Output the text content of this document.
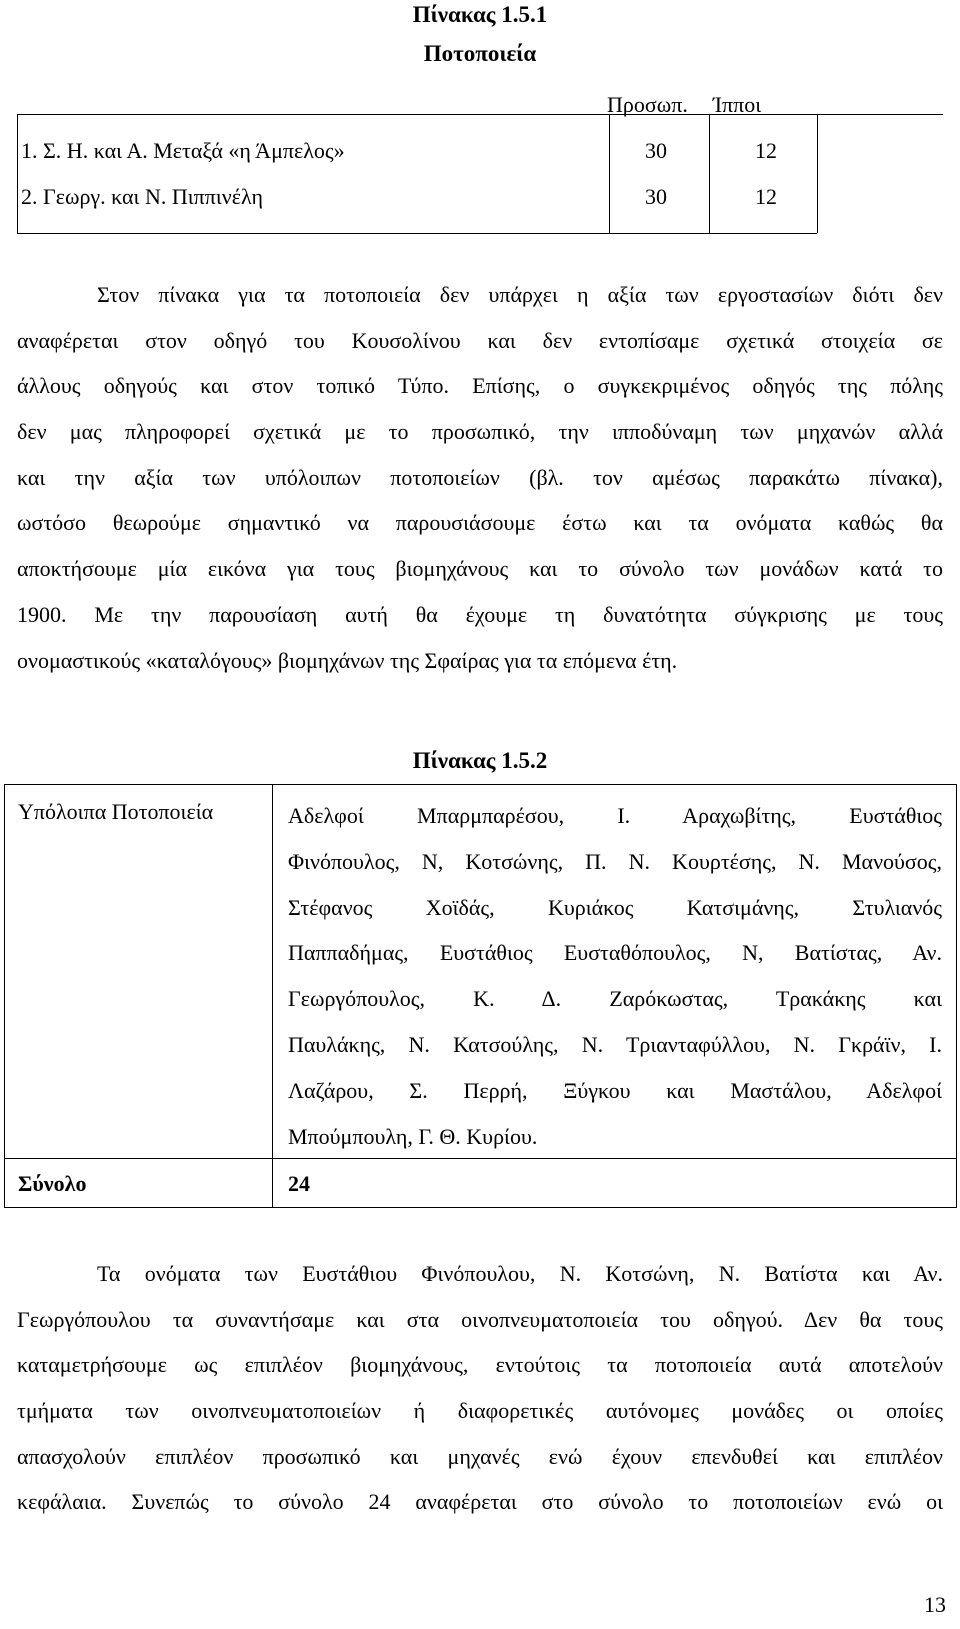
Πίνακας 1.5.1
Ποτοποιεία
Προσωπ. Ίπποι
1. Σ. Η. και Α. Μεταξά «η Άμπελος»	30	12
2. Γεωργ. και Ν. Πιππινέλη	30	12
Στον πίνακα για τα ποτοποιεία δεν υπάρχει η αξία των εργοστασίων διότι δεν
αναφέρεται στον οδηγό του Κουσολίνου και δεν εντοπίσαμε σχετικά στοιχεία σε
άλλους οδηγούς και στον τοπικό Τύπο. Επίσης, ο συγκεκριμένος οδηγός της πόλης
δεν μας πληροφορεί σχετικά με το προσωπικό, την ιπποδύναμη των μηχανών αλλά
και την αξία των υπόλοιπων ποτοποιείων (βλ. τον αμέσως παρακάτω πίνακα),
ωστόσο θεωρούμε σημαντικό να παρουσιάσουμε έστω και τα ονόματα καθώς θα
αποκτήσουμε μία εικόνα για τους βιομηχάνους και το σύνολο των μονάδων κατά το
1900. Με την παρουσίαση αυτή θα έχουμε τη δυνατότητα σύγκρισης με τους
ονομαστικούς «καταλόγους» βιομηχάνων της Σφαίρας για τα επόμενα έτη.
Πίνακας 1.5.2
Υπόλοιπα Ποτοποιεία	Αδελφοί Μπαρμπαρέσου, Ι. Αραχωβίτης, Ευστάθιος
Φινόπουλος, Ν, Κοτσώνης, Π. Ν. Κουρτέσης, Ν. Μανούσος,
Στέφανος Χοϊδάς, Κυριάκος Κατσιμάνης, Στυλιανός
Παππαδήμας, Ευστάθιος Ευσταθόπουλος, Ν, Βατίστας, Αν.
Γεωργόπουλος, Κ. Δ. Ζαρόκωστας, Τρακάκης και
Παυλάκης, Ν. Κατσούλης, Ν. Τριανταφύλλου, Ν. Γκράϊν, Ι.
Λαζάρου, Σ. Περρή, Ξύγκου και Μαστάλου, Αδελφοί
Μπούμπουλη, Γ. Θ. Κυρίου.
Σύνολο	24
Τα ονόματα των Ευστάθιου Φινόπουλου, Ν. Κοτσώνη, Ν. Βατίστα και Αν.
Γεωργόπουλου τα συναντήσαμε και στα οινοπνευματοποιεία του οδηγού. Δεν θα τους
καταμετρήσουμε ως επιπλέον βιομηχάνους, εντούτοις τα ποτοποιεία αυτά αποτελούν
τμήματα των οινοπνευματοποιείων ή διαφορετικές αυτόνομες μονάδες οι οποίες
απασχολούν επιπλέον προσωπικό και μηχανές ενώ έχουν επενδυθεί και επιπλέον
κεφάλαια. Συνεπώς το σύνολο 24 αναφέρεται στο σύνολο το ποτοποιείων ενώ οι
13
